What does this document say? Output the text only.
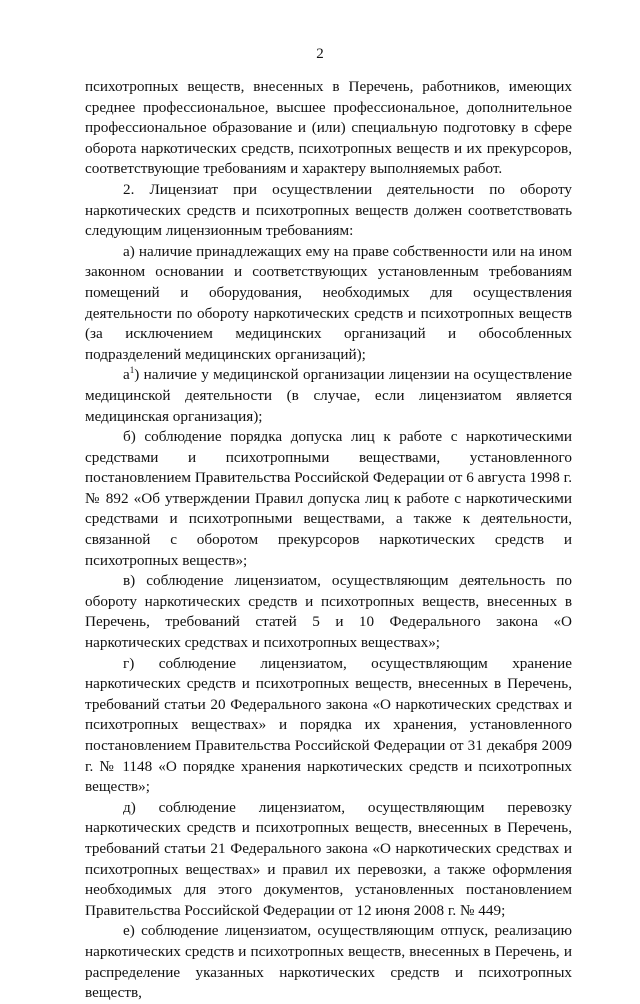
2

психотропных веществ, внесенных в Перечень, работников, имеющих среднее профессиональное, высшее профессиональное, дополнительное профессиональное образование и (или) специальную подготовку в сфере оборота наркотических средств, психотропных веществ и их прекурсоров, соответствующие требованиям и характеру выполняемых работ.

2. Лицензиат при осуществлении деятельности по обороту наркотических средств и психотропных веществ должен соответствовать следующим лицензионным требованиям:

а) наличие принадлежащих ему на праве собственности или на ином законном основании и соответствующих установленным требованиям помещений и оборудования, необходимых для осуществления деятельности по обороту наркотических средств и психотропных веществ (за исключением медицинских организаций и обособленных подразделений медицинских организаций);

$а^1$) наличие у медицинской организации лицензии на осуществление медицинской деятельности (в случае, если лицензиатом является медицинская организация);

б) соблюдение порядка допуска лиц к работе с наркотическими средствами и психотропными веществами, установленного постановлением Правительства Российской Федерации от 6 августа 1998 г. № 892 «Об утверждении Правил допуска лиц к работе с наркотическими средствами и психотропными веществами, а также к деятельности, связанной с оборотом прекурсоров наркотических средств и психотропных веществ»;

в) соблюдение лицензиатом, осуществляющим деятельность по обороту наркотических средств и психотропных веществ, внесенных в Перечень, требований статей 5 и 10 Федерального закона «О наркотических средствах и психотропных веществах»;

г) соблюдение лицензиатом, осуществляющим хранение наркотических средств и психотропных веществ, внесенных в Перечень, требований статьи 20 Федерального закона «О наркотических средствах и психотропных веществах» и порядка их хранения, установленного постановлением Правительства Российской Федерации от 31 декабря 2009 г. № 1148 «О порядке хранения наркотических средств и психотропных веществ»;

д) соблюдение лицензиатом, осуществляющим перевозку наркотических средств и психотропных веществ, внесенных в Перечень, требований статьи 21 Федерального закона «О наркотических средствах и психотропных веществах» и правил их перевозки, а также оформления необходимых для этого документов, установленных постановлением Правительства Российской Федерации от 12 июня 2008 г. № 449;

е) соблюдение лицензиатом, осуществляющим отпуск, реализацию наркотических средств и психотропных веществ, внесенных в Перечень, и распределение указанных наркотических средств и психотропных веществ,
